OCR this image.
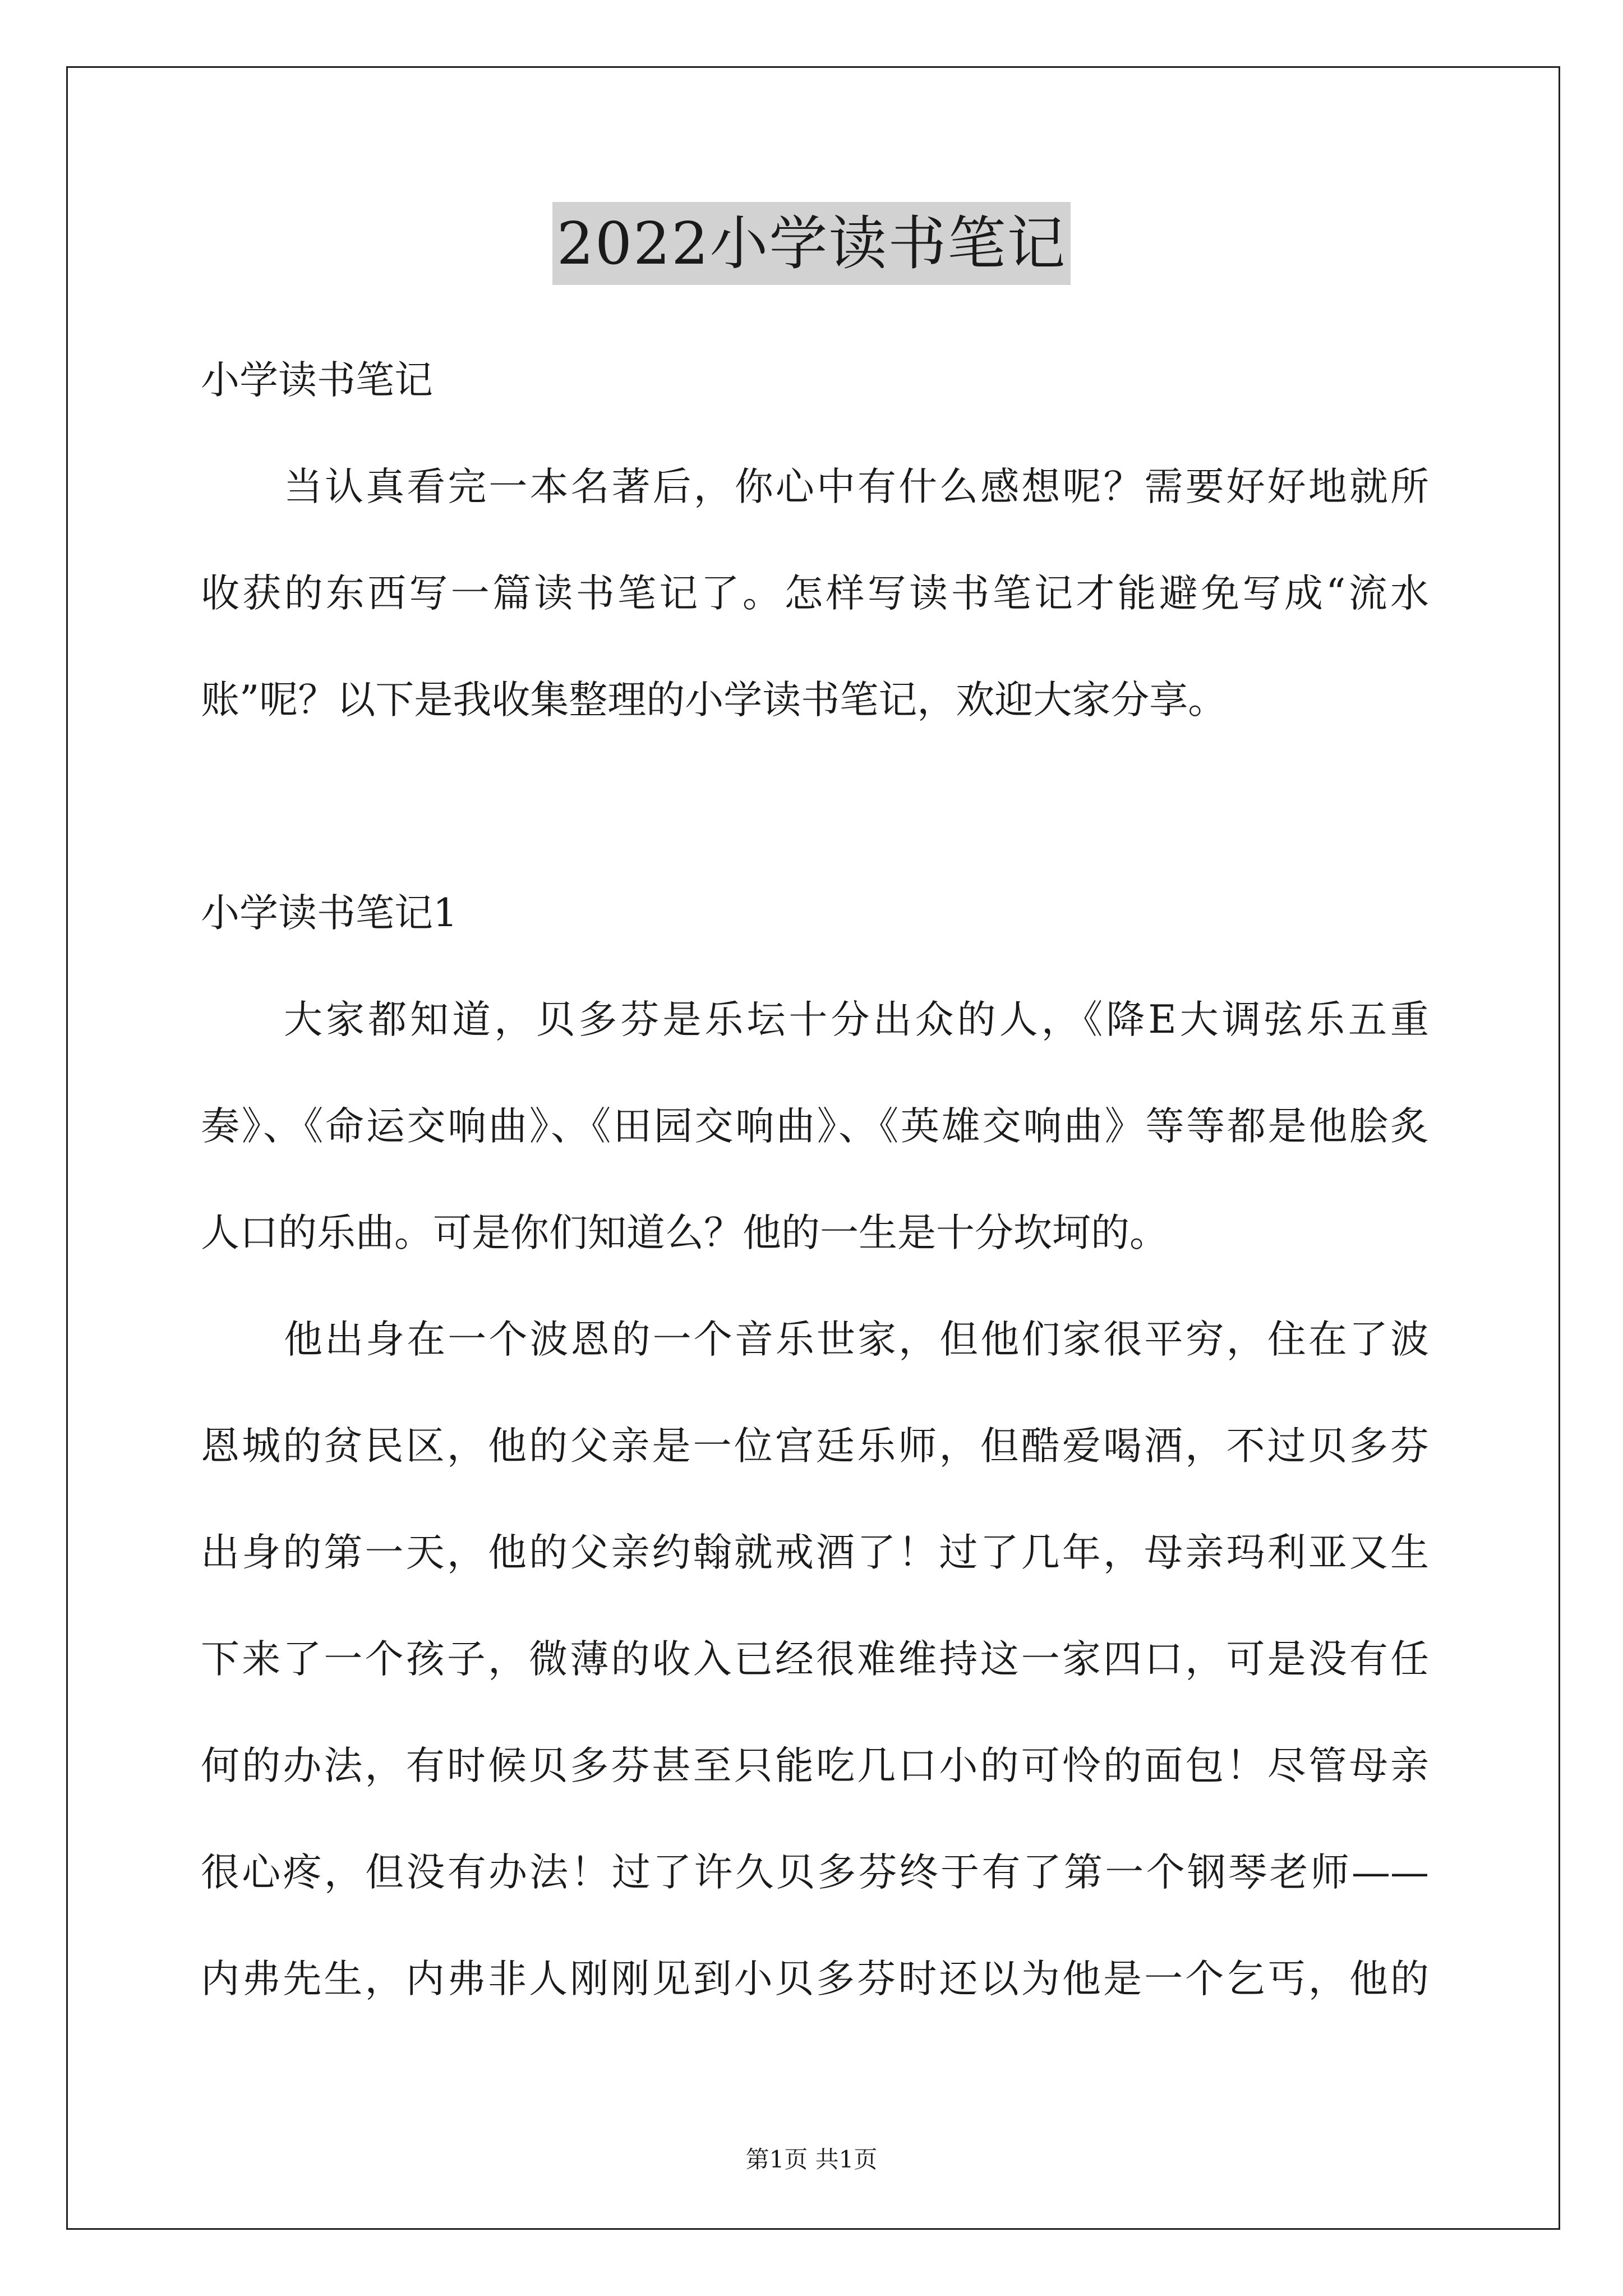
2022小学读书笔记
小学读书笔记
当认真看完一本名著后，你心中有什么感想呢？需要好好地就所
收获的东西写一篇读书笔记了。怎样写读书笔记才能避免写成“流水
账”呢？以下是我收集整理的小学读书笔记，欢迎大家分享。
小学读书笔记1
大家都知道，贝多芬是乐坛十分出众的人，《降E大调弦乐五重
奏》、《命运交响曲》、《田园交响曲》、《英雄交响曲》等等都是他脍炙
人口的乐曲。可是你们知道么？他的一生是十分坎坷的。
他出身在一个波恩的一个音乐世家，但他们家很平穷，住在了波
恩城的贫民区，他的父亲是一位宫廷乐师，但酷爱喝酒，不过贝多芬
出身的第一天，他的父亲约翰就戒酒了！过了几年，母亲玛利亚又生
下来了一个孩子，微薄的收入已经很难维持这一家四口，可是没有任
何的办法，有时候贝多芬甚至只能吃几口小的可怜的面包！尽管母亲
很心疼，但没有办法！过了许久贝多芬终于有了第一个钢琴老师——
内弗先生，内弗非人刚刚见到小贝多芬时还以为他是一个乞丐，他的
第1页 共1页
